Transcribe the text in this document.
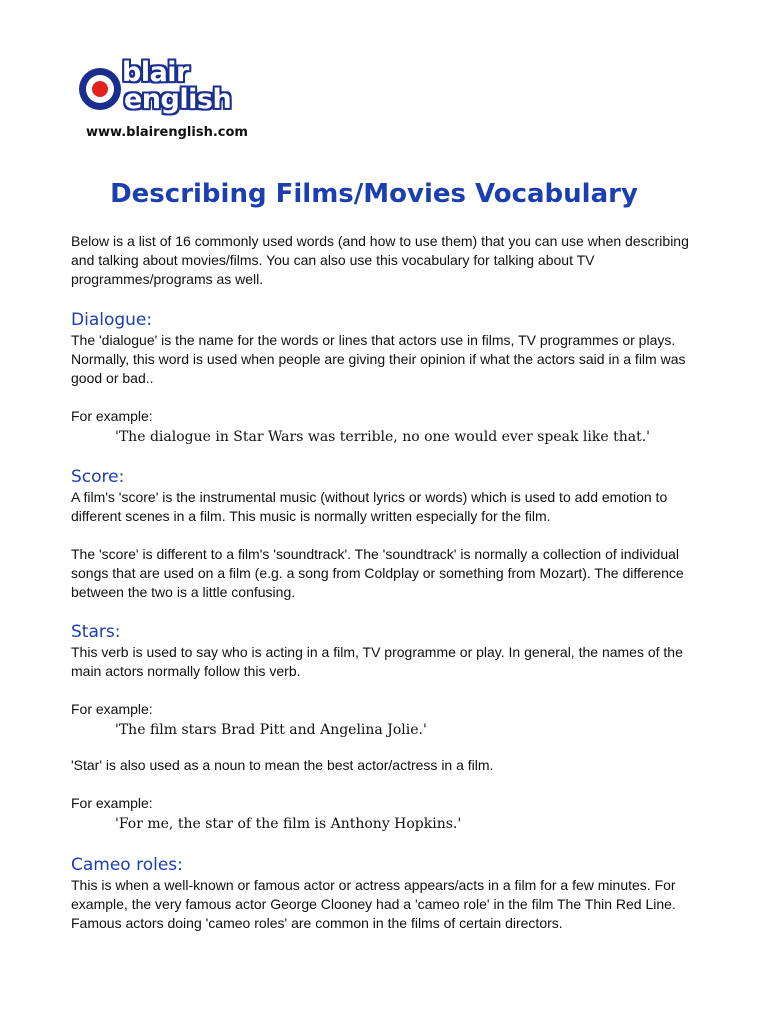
blair
english
www.blairenglish.com
Describing Films/Movies Vocabulary

Below is a list of 16 commonly used words (and how to use them) that you can use when describing and talking about movies/films. You can also use this vocabulary for talking about TV programmes/programs as well.

Dialogue:

The 'dialogue' is the name for the words or lines that actors use in films, TV programmes or plays. Normally, this word is used when people are giving their opinion if what the actors said in a film was good or bad..

For example:

'The dialogue in Star Wars was terrible, no one would ever speak like that.'
Score:

A film's 'score' is the instrumental music (without lyrics or words) which is used to add emotion to different scenes in a film. This music is normally written especially for the film.

The 'score' is different to a film's 'soundtrack'. The 'soundtrack' is normally a collection of individual songs that are used on a film (e.g. a song from Coldplay or something from Mozart). The difference between the two is a little confusing.

Stars:

This verb is used to say who is acting in a film, TV programme or play. In general, the names of the main actors normally follow this verb.

For example:

'The film stars Brad Pitt and Angelina Jolie.'

'Star' is also used as a noun to mean the best actor/actress in a film.

For example:

'For me, the star of the film is Anthony Hopkins.'
Cameo roles:

This is when a well-known or famous actor or actress appears/acts in a film for a few minutes. For example, the very famous actor George Clooney had a 'cameo role' in the film The Thin Red Line. Famous actors doing 'cameo roles' are common in the films of certain directors.
